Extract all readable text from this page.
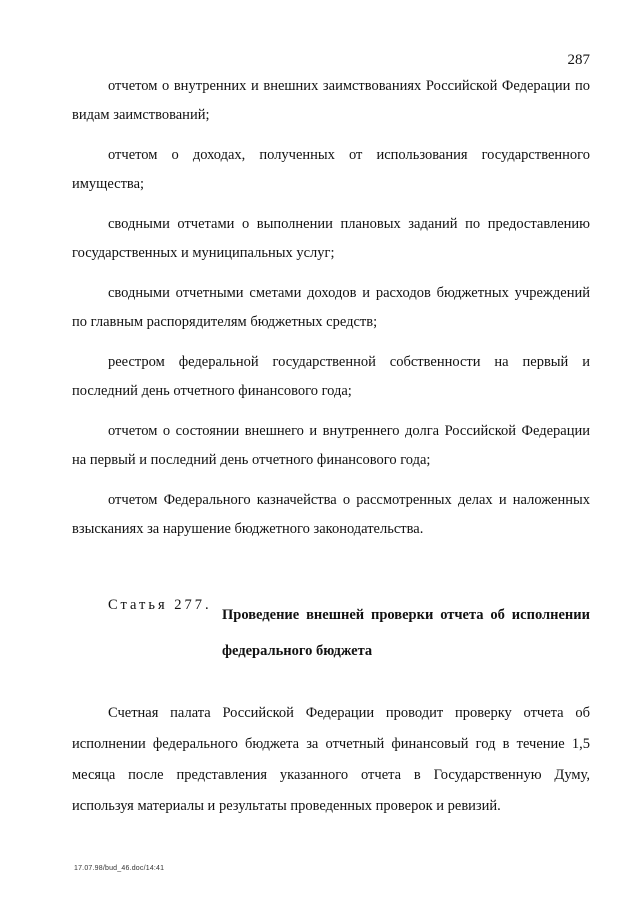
287

отчетом о внутренних и внешних заимствованиях Российской Федерации по видам заимствований;

отчетом о доходах, полученных от использования государственного имущества;

сводными отчетами о выполнении плановых заданий по предоставлению государственных и муниципальных услуг;

сводными отчетными сметами доходов и расходов бюджетных учреждений по главным распорядителям бюджетных средств;

реестром федеральной государственной собственности на первый и последний день отчетного финансового года;

отчетом о состоянии внешнего и внутреннего долга Российской Федерации на первый и последний день отчетного финансового года;

отчетом Федерального казначейства о рассмотренных делах и наложенных взысканиях за нарушение бюджетного законодательства.

Статья 277.
Проведение внешней проверки отчета об исполнении федерального бюджета

Счетная палата Российской Федерации проводит проверку отчета об исполнении федерального бюджета за отчетный финансовый год в течение 1,5 месяца после представления указанного отчета в Государственную Думу, используя материалы и результаты проведенных проверок и ревизий.

17.07.98/bud_46.doc/14:41
